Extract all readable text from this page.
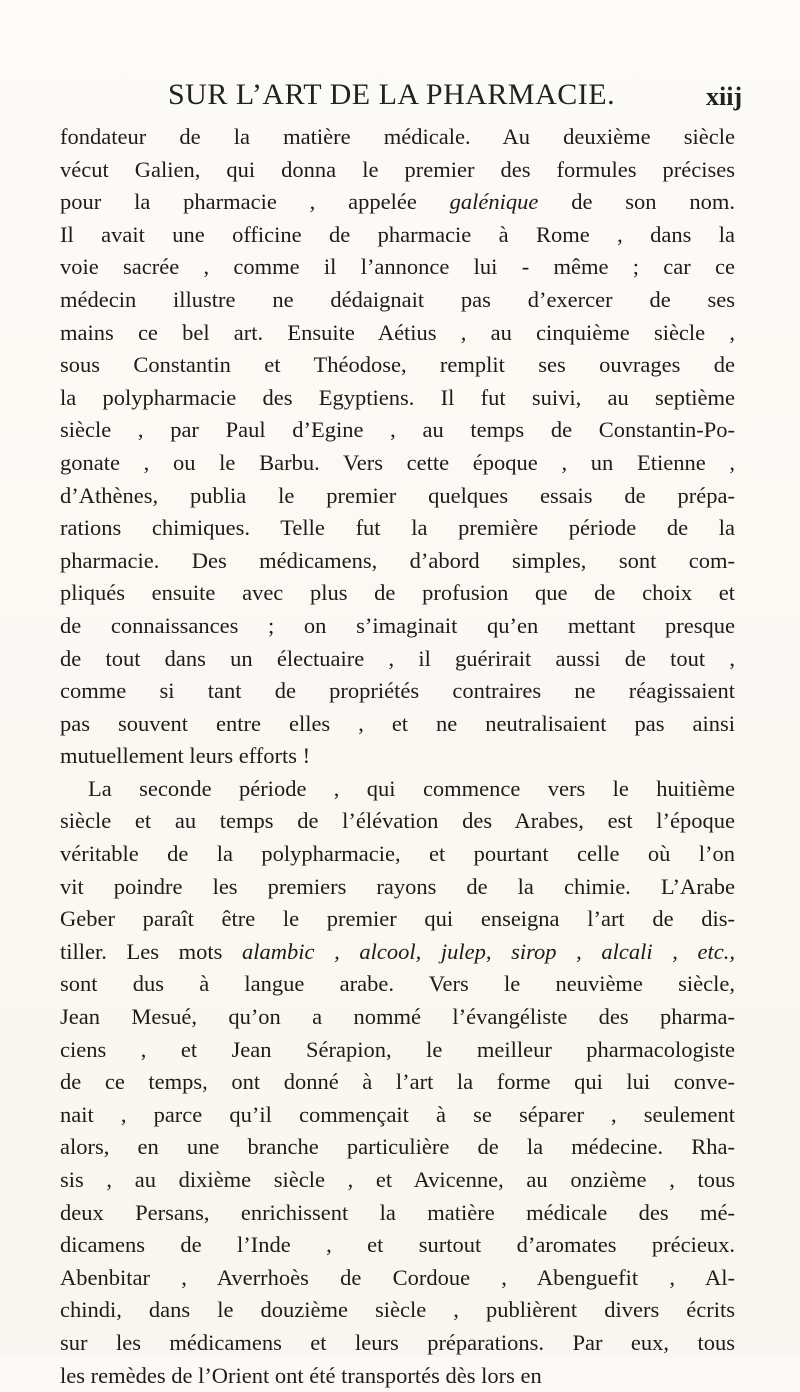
SUR L’ART DE LA PHARMACIE.	xiij
fondateur de la matière médicale. Au deuxième siècle
vécut Galien, qui donna le premier des formules précises
pour la pharmacie , appelée galénique de son nom.
Il avait une officine de pharmacie à Rome , dans la
voie sacrée , comme il l’annonce lui - même ; car ce
médecin illustre ne dédaignait pas d’exercer de ses
mains ce bel art. Ensuite Aétius , au cinquième siècle ,
sous Constantin et Théodose, remplit ses ouvrages de
la polypharmacie des Egyptiens. Il fut suivi, au septième
siècle , par Paul d’Egine , au temps de Constantin-Po-
gonate , ou le Barbu. Vers cette époque , un Etienne ,
d’Athènes, publia le premier quelques essais de prépa-
rations chimiques. Telle fut la première période de la
pharmacie. Des médicamens, d’abord simples, sont com-
pliqués ensuite avec plus de profusion que de choix et
de connaissances ; on s’imaginait qu’en mettant presque
de tout dans un électuaire , il guérirait aussi de tout ,
comme si tant de propriétés contraires ne réagissaient
pas souvent entre elles , et ne neutralisaient pas ainsi
mutuellement leurs efforts !
La seconde période , qui commence vers le huitième
siècle et au temps de l’élévation des Arabes, est l’époque
véritable de la polypharmacie, et pourtant celle où l’on
vit poindre les premiers rayons de la chimie. L’Arabe
Geber paraît être le premier qui enseigna l’art de dis-
tiller. Les mots alambic , alcool, julep, sirop , alcali , etc.,
sont dus à langue arabe. Vers le neuvième siècle,
Jean Mesué, qu’on a nommé l’évangéliste des pharma-
ciens , et Jean Sérapion, le meilleur pharmacologiste
de ce temps, ont donné à l’art la forme qui lui conve-
nait , parce qu’il commençait à se séparer , seulement
alors, en une branche particulière de la médecine. Rha-
sis , au dixième siècle , et Avicenne, au onzième , tous
deux Persans, enrichissent la matière médicale des mé-
dicamens de l’Inde , et surtout d’aromates précieux.
Abenbitar , Averrhoès de Cordoue , Abenguefit , Al-
chindi, dans le douzième siècle , publièrent divers écrits
sur les médicamens et leurs préparations. Par eux, tous
les remèdes de l’Orient ont été transportés dès lors en
